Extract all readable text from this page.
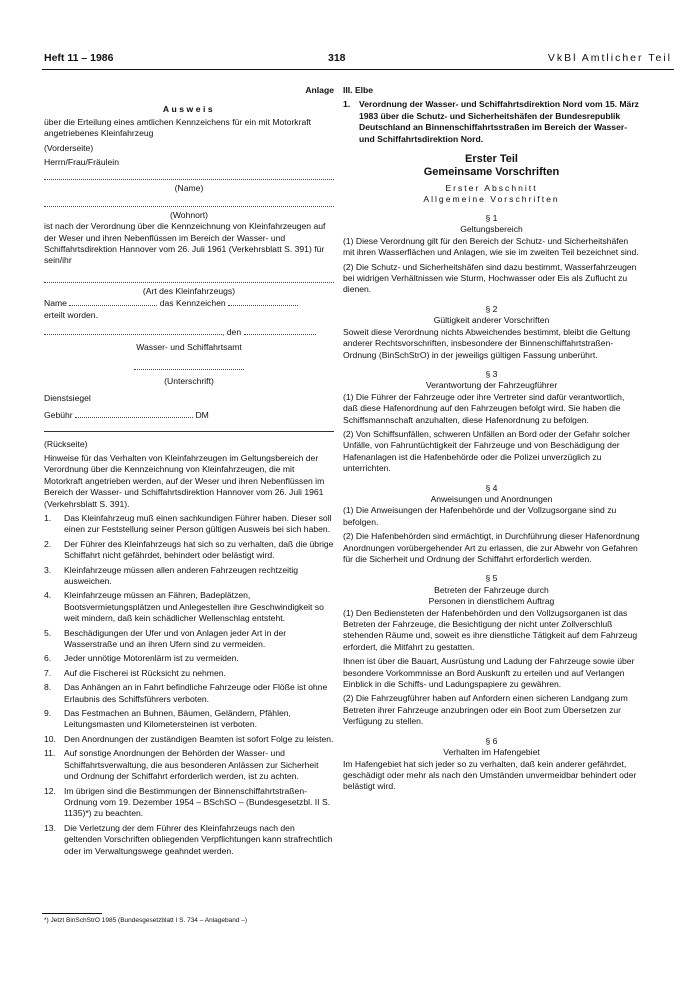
Heft 11 – 1986	318	VkBl Amtlicher Teil
Anlage
Ausweis

über die Erteilung eines amtlichen Kennzeichens für ein mit Motorkraft angetriebenes Kleinfahrzeug

(Vorderseite)

Herrn/Frau/Fräulein

(Name)

(Wohnort)

ist nach der Verordnung über die Kennzeichnung von Kleinfahrzeugen auf der Weser und ihren Nebenflüssen im Bereich der Wasser- und Schiffahrtsdirektion Hannover vom 26. Juli 1961 (Verkehrsblatt S. 391) für sein/ihr

(Art des Kleinfahrzeugs)

Name	das Kennzeichen

erteilt worden.

, den

Wasser- und Schiffahrtsamt

(Unterschrift)

Dienstsiegel

Gebühr	DM

(Rückseite)

Hinweise für das Verhalten von Kleinfahrzeugen im Geltungsbereich der Verordnung über die Kennzeichnung von Kleinfahrzeugen, die mit Motorkraft angetrieben werden, auf der Weser und ihren Nebenflüssen im Bereich der Wasser- und Schiffahrtsdirektion Hannover vom 26. Juli 1961 (Verkehrsblatt S. 391).

1.	Das Kleinfahrzeug muß einen sachkundigen Führer haben. Dieser soll einen zur Feststellung seiner Person gültigen Ausweis bei sich haben.
2.	Der Führer des Kleinfahrzeugs hat sich so zu verhalten, daß die übrige Schiffahrt nicht gefährdet, behindert oder belästigt wird.
3.	Kleinfahrzeuge müssen allen anderen Fahrzeugen rechtzeitig ausweichen.
4.	Kleinfahrzeuge müssen an Fähren, Badeplätzen, Bootsvermietungsplätzen und Anlegestellen ihre Geschwindigkeit so weit mindern, daß kein schädlicher Wellenschlag entsteht.
5.	Beschädigungen der Ufer und von Anlagen jeder Art in der Wasserstraße und an ihren Ufern sind zu vermeiden.
6.	Jeder unnötige Motorenlärm ist zu vermeiden.
7.	Auf die Fischerei ist Rücksicht zu nehmen.
8.	Das Anhängen an in Fahrt befindliche Fahrzeuge oder Flöße ist ohne Erlaubnis des Schiffsführers verboten.
9.	Das Festmachen an Buhnen, Bäumen, Geländern, Pfählen, Leitungsmasten und Kilometersteinen ist verboten.
10. Den Anordnungen der zuständigen Beamten ist sofort Folge zu leisten.
11.	Auf sonstige Anordnungen der Behörden der Wasser- und Schiffahrtsverwaltung, die aus besonderen Anlässen zur Sicherheit und Ordnung der Schiffahrt erforderlich werden, ist zu achten.
12. Im übrigen sind die Bestimmungen der Binnenschiffahrtstraßen-Ordnung vom 19. Dezember 1954 – BSchSO – (Bundesgesetzbl. II S. 1135)*) zu beachten.
13. Die Verletzung der dem Führer des Kleinfahrzeugs nach den geltenden Vorschriften obliegenden Verpflichtungen kann strafrechtlich oder im Verwaltungswege geahndet werden.
*) Jetzt BinSchStrO 1985 (Bundesgesetzblatt I S. 734 – Anlageband –)

III. Elbe

1.	Verordnung der Wasser- und Schiffahrtsdirektion Nord vom 15. März 1983 über die Schutz- und Sicherheitshäfen der Bundesrepublik Deutschland an Binnenschiffahrtsstraßen im Bereich der Wasser- und Schiffahrtsdirektion Nord.
Erster Teil
Gemeinsame Vorschriften
Erster Abschnitt
Allgemeine Vorschriften

§ 1

Geltungsbereich

(1) Diese Verordnung gilt für den Bereich der Schutz- und Sicherheitshäfen mit ihren Wasserflächen und Anlagen, wie sie im zweiten Teil bezeichnet sind.

(2) Die Schutz- und Sicherheitshäfen sind dazu bestimmt, Wasserfahrzeugen bei widrigen Verhältnissen wie Sturm, Hochwasser oder Eis als Zuflucht zu dienen.

§ 2

Gültigkeit anderer Vorschriften

Soweit diese Verordnung nichts Abweichendes bestimmt, bleibt die Geltung anderer Rechtsvorschriften, insbesondere der Binnenschiffahrtstraßen-Ordnung (BinSchStrO) in der jeweiligs gültigen Fassung unberührt.

§ 3

Verantwortung der Fahrzeugführer

(1) Die Führer der Fahrzeuge oder ihre Vertreter sind dafür verantwortlich, daß diese Hafenordnung auf den Fahrzeugen befolgt wird. Sie haben die Schiffsmannschaft anzuhalten, diese Hafenordnung zu befolgen.

(2) Von Schiffsunfällen, schweren Unfällen an Bord oder der Gefahr solcher Unfälle, von Fahruntüchtigkeit der Fahrzeuge und von Beschädigung der Hafenanlagen ist die Hafenbehörde oder die Polizei unverzüglich zu unterrichten.

§ 4

Anweisungen und Anordnungen

(1) Die Anweisungen der Hafenbehörde und der Vollzugsorgane sind zu befolgen.

(2) Die Hafenbehörden sind ermächtigt, in Durchführung dieser Hafenordnung Anordnungen vorübergehender Art zu erlassen, die zur Abwehr von Gefahren für die Sicherheit und Ordnung der Schiffahrt erforderlich werden.

§ 5

Betreten der Fahrzeuge durch

Personen in dienstlichem Auftrag

(1) Den Bediensteten der Hafenbehörden und den Vollzugsorganen ist das Betreten der Fahrzeuge, die Besichtigung der nicht unter Zollverschluß stehenden Räume und, soweit es ihre dienstliche Tätigkeit auf dem Fahrzeug erfordert, die Mitfahrt zu gestatten.

Ihnen ist über die Bauart, Ausrüstung und Ladung der Fahrzeuge sowie über besondere Vorkommnisse an Bord Auskunft zu erteilen und auf Verlangen Einblick in die Schiffs- und Ladungspapiere zu gewähren.

(2) Die Fahrzeugführer haben auf Anfordern einen sicheren Landgang zum Betreten ihrer Fahrzeuge anzubringen oder ein Boot zum Übersetzen zur Verfügung zu stellen.

§ 6

Verhalten im Hafengebiet

Im Hafengebiet hat sich jeder so zu verhalten, daß kein anderer gefährdet, geschädigt oder mehr als nach den Umständen unvermeidbar behindert oder belästigt wird.
